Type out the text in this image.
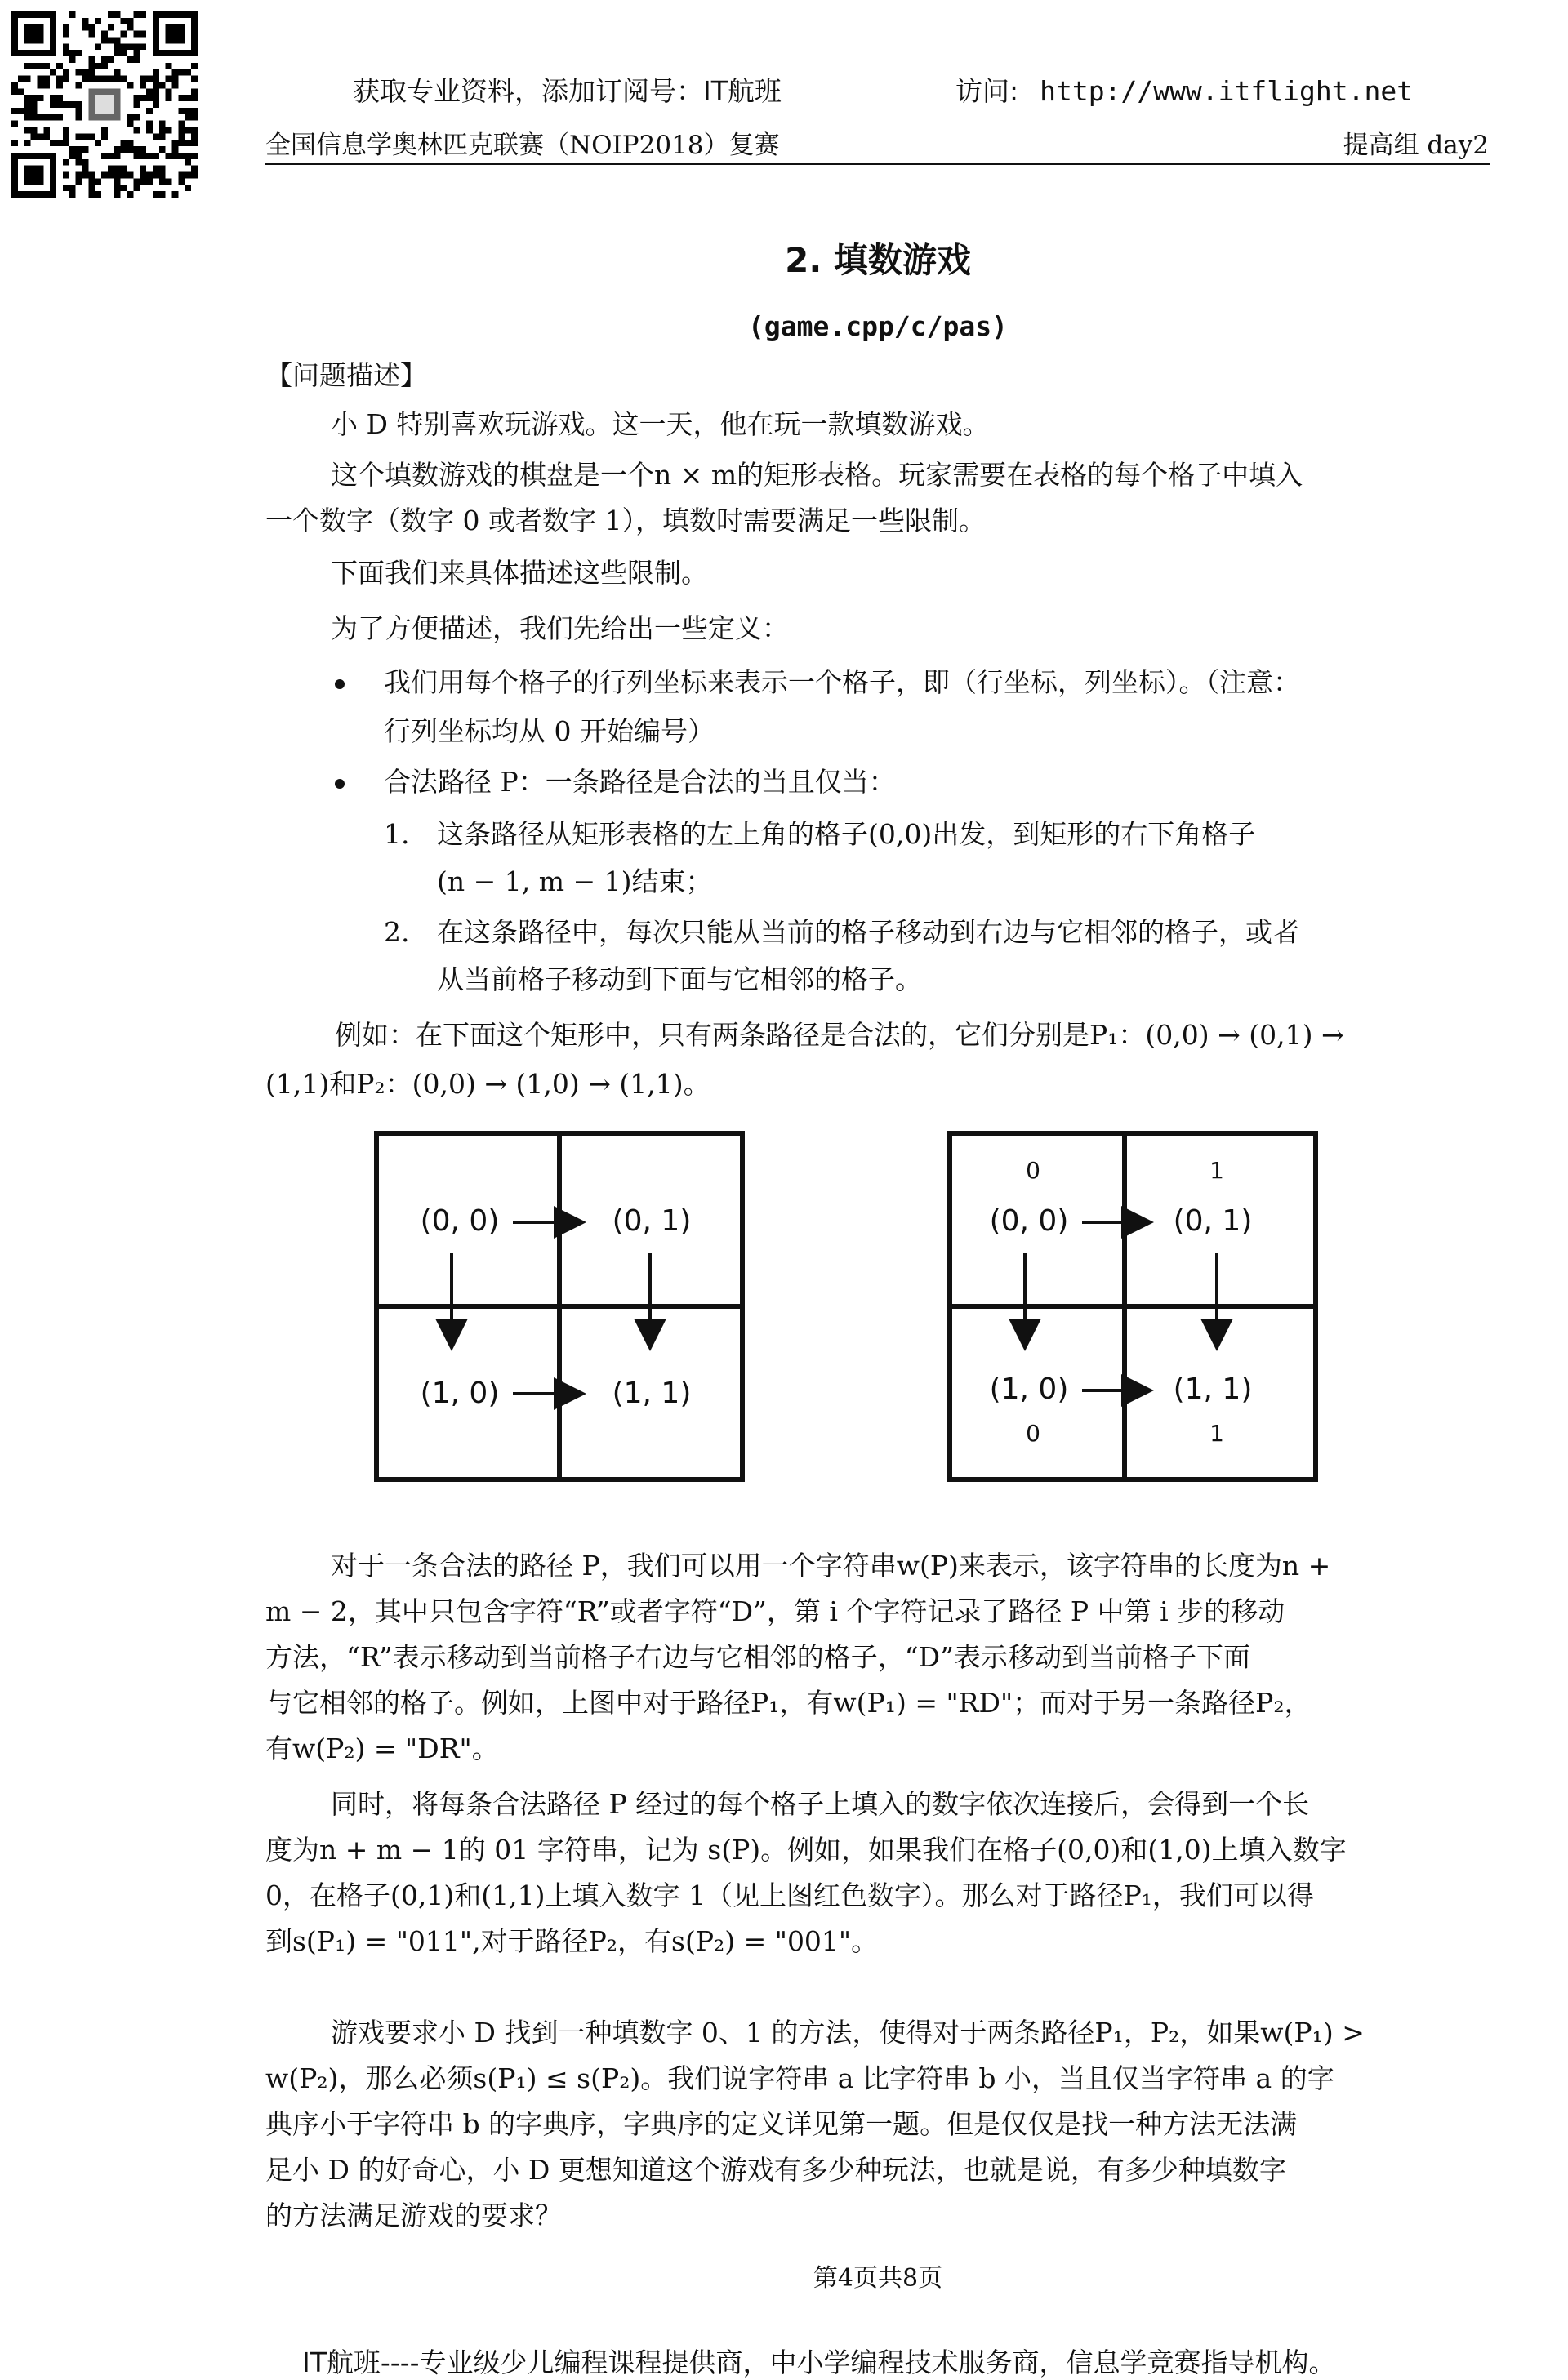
获取专业资料，添加订阅号：IT航班	访问: http://www.itflight.net
全国信息学奥林匹克联赛（NOIP2018）复赛	提高组 day2
2. 填数游戏
(game.cpp/c/pas)
【问题描述】
小 D 特别喜欢玩游戏。这一天，他在玩一款填数游戏。
这个填数游戏的棋盘是一个n × m的矩形表格。玩家需要在表格的每个格子中填入
一个数字（数字 0 或者数字 1），填数时需要满足一些限制。
下面我们来具体描述这些限制。
为了方便描述，我们先给出一些定义：
我们用每个格子的行列坐标来表示一个格子，即（行坐标，列坐标）。（注意：
行列坐标均从 0 开始编号）
合法路径 P：一条路径是合法的当且仅当：
1. 这条路径从矩形表格的左上角的格子(0,0)出发，到矩形的右下角格子
(n − 1, m − 1)结束；
2. 在这条路径中，每次只能从当前的格子移动到右边与它相邻的格子，或者
从当前格子移动到下面与它相邻的格子。
例如：在下面这个矩形中，只有两条路径是合法的，它们分别是P₁：(0,0) → (0,1) →
(1,1)和P₂：(0,0) → (1,0) → (1,1)。
(0, 0)	(0, 1)
(1, 0)	(1, 1)
0	1
0	1
(0, 0)	(0, 1)
(1, 0)	(1, 1)
对于一条合法的路径 P，我们可以用一个字符串w(P)来表示，该字符串的长度为n +
m − 2，其中只包含字符“R”或者字符“D”，第 i 个字符记录了路径 P 中第 i 步的移动
方法，“R”表示移动到当前格子右边与它相邻的格子，“D”表示移动到当前格子下面
与它相邻的格子。例如，上图中对于路径P₁，有w(P₁) = "RD"；而对于另一条路径P₂，
有w(P₂) = "DR"。
同时，将每条合法路径 P 经过的每个格子上填入的数字依次连接后，会得到一个长
度为n + m − 1的 01 字符串，记为 s(P)。例如，如果我们在格子(0,0)和(1,0)上填入数字
0，在格子(0,1)和(1,1)上填入数字 1（见上图红色数字）。那么对于路径P₁，我们可以得
到s(P₁) = "011",对于路径P₂，有s(P₂) = "001"。
游戏要求小 D 找到一种填数字 0、1 的方法，使得对于两条路径P₁，P₂，如果w(P₁) >
w(P₂)，那么必须s(P₁) ≤ s(P₂)。我们说字符串 a 比字符串 b 小，当且仅当字符串 a 的字
典序小于字符串 b 的字典序，字典序的定义详见第一题。但是仅仅是找一种方法无法满
足小 D 的好奇心，小 D 更想知道这个游戏有多少种玩法，也就是说，有多少种填数字
的方法满足游戏的要求？
第4页共8页
IT航班----专业级少儿编程课程提供商，中小学编程技术服务商，信息学竞赛指导机构。
